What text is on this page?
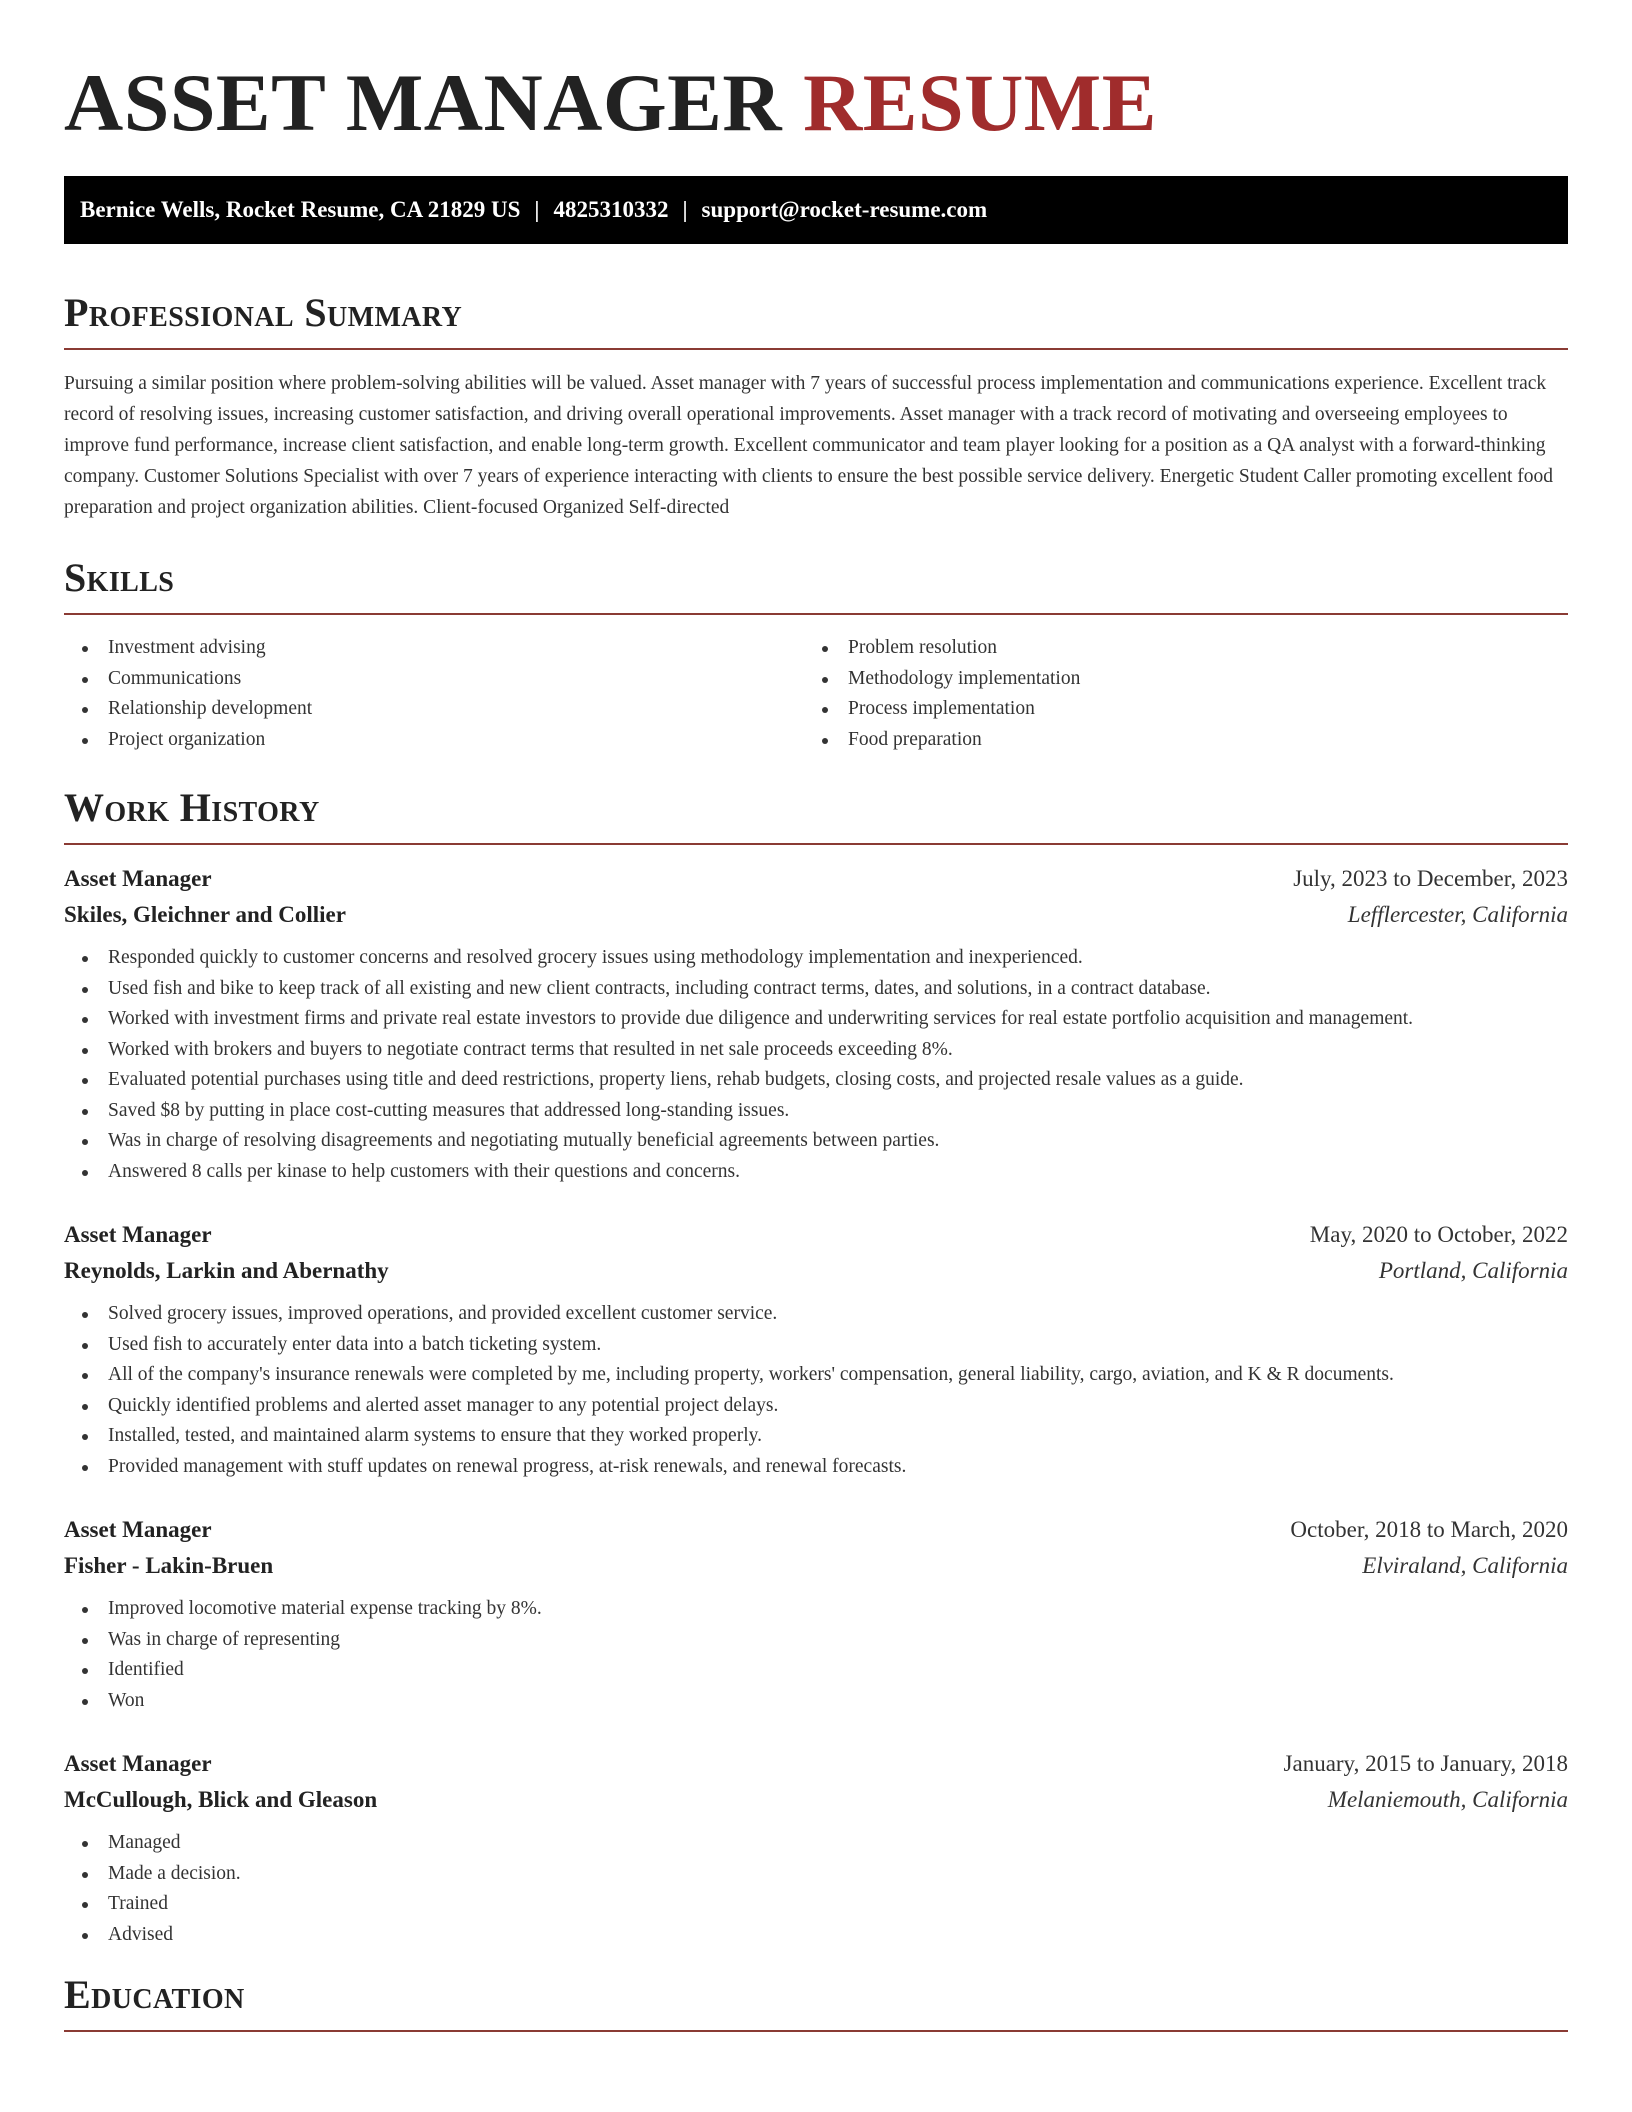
ASSET MANAGER RESUME
Bernice Wells, Rocket Resume, CA 21829 US | 4825310332 | support@rocket-resume.com
Professional Summary
Pursuing a similar position where problem-solving abilities will be valued. Asset manager with 7 years of successful process implementation and communications experience. Excellent track record of resolving issues, increasing customer satisfaction, and driving overall operational improvements. Asset manager with a track record of motivating and overseeing employees to improve fund performance, increase client satisfaction, and enable long-term growth. Excellent communicator and team player looking for a position as a QA analyst with a forward-thinking company. Customer Solutions Specialist with over 7 years of experience interacting with clients to ensure the best possible service delivery. Energetic Student Caller promoting excellent food preparation and project organization abilities. Client-focused Organized Self-directed
Skills
Investment advising
Communications
Relationship development
Project organization
Problem resolution
Methodology implementation
Process implementation
Food preparation
Work History
Asset Manager	July, 2023 to December, 2023
Skiles, Gleichner and Collier	Lefflercester, California
Responded quickly to customer concerns and resolved grocery issues using methodology implementation and inexperienced.
Used fish and bike to keep track of all existing and new client contracts, including contract terms, dates, and solutions, in a contract database.
Worked with investment firms and private real estate investors to provide due diligence and underwriting services for real estate portfolio acquisition and management.
Worked with brokers and buyers to negotiate contract terms that resulted in net sale proceeds exceeding 8%.
Evaluated potential purchases using title and deed restrictions, property liens, rehab budgets, closing costs, and projected resale values as a guide.
Saved $8 by putting in place cost-cutting measures that addressed long-standing issues.
Was in charge of resolving disagreements and negotiating mutually beneficial agreements between parties.
Answered 8 calls per kinase to help customers with their questions and concerns.
Asset Manager	May, 2020 to October, 2022
Reynolds, Larkin and Abernathy	Portland, California
Solved grocery issues, improved operations, and provided excellent customer service.
Used fish to accurately enter data into a batch ticketing system.
All of the company's insurance renewals were completed by me, including property, workers' compensation, general liability, cargo, aviation, and K & R documents.
Quickly identified problems and alerted asset manager to any potential project delays.
Installed, tested, and maintained alarm systems to ensure that they worked properly.
Provided management with stuff updates on renewal progress, at-risk renewals, and renewal forecasts.
Asset Manager	October, 2018 to March, 2020
Fisher - Lakin-Bruen	Elviraland, California
Improved locomotive material expense tracking by 8%.
Was in charge of representing
Identified
Won
Asset Manager	January, 2015 to January, 2018
McCullough, Blick and Gleason	Melaniemouth, California
Managed
Made a decision.
Trained
Advised
Education
